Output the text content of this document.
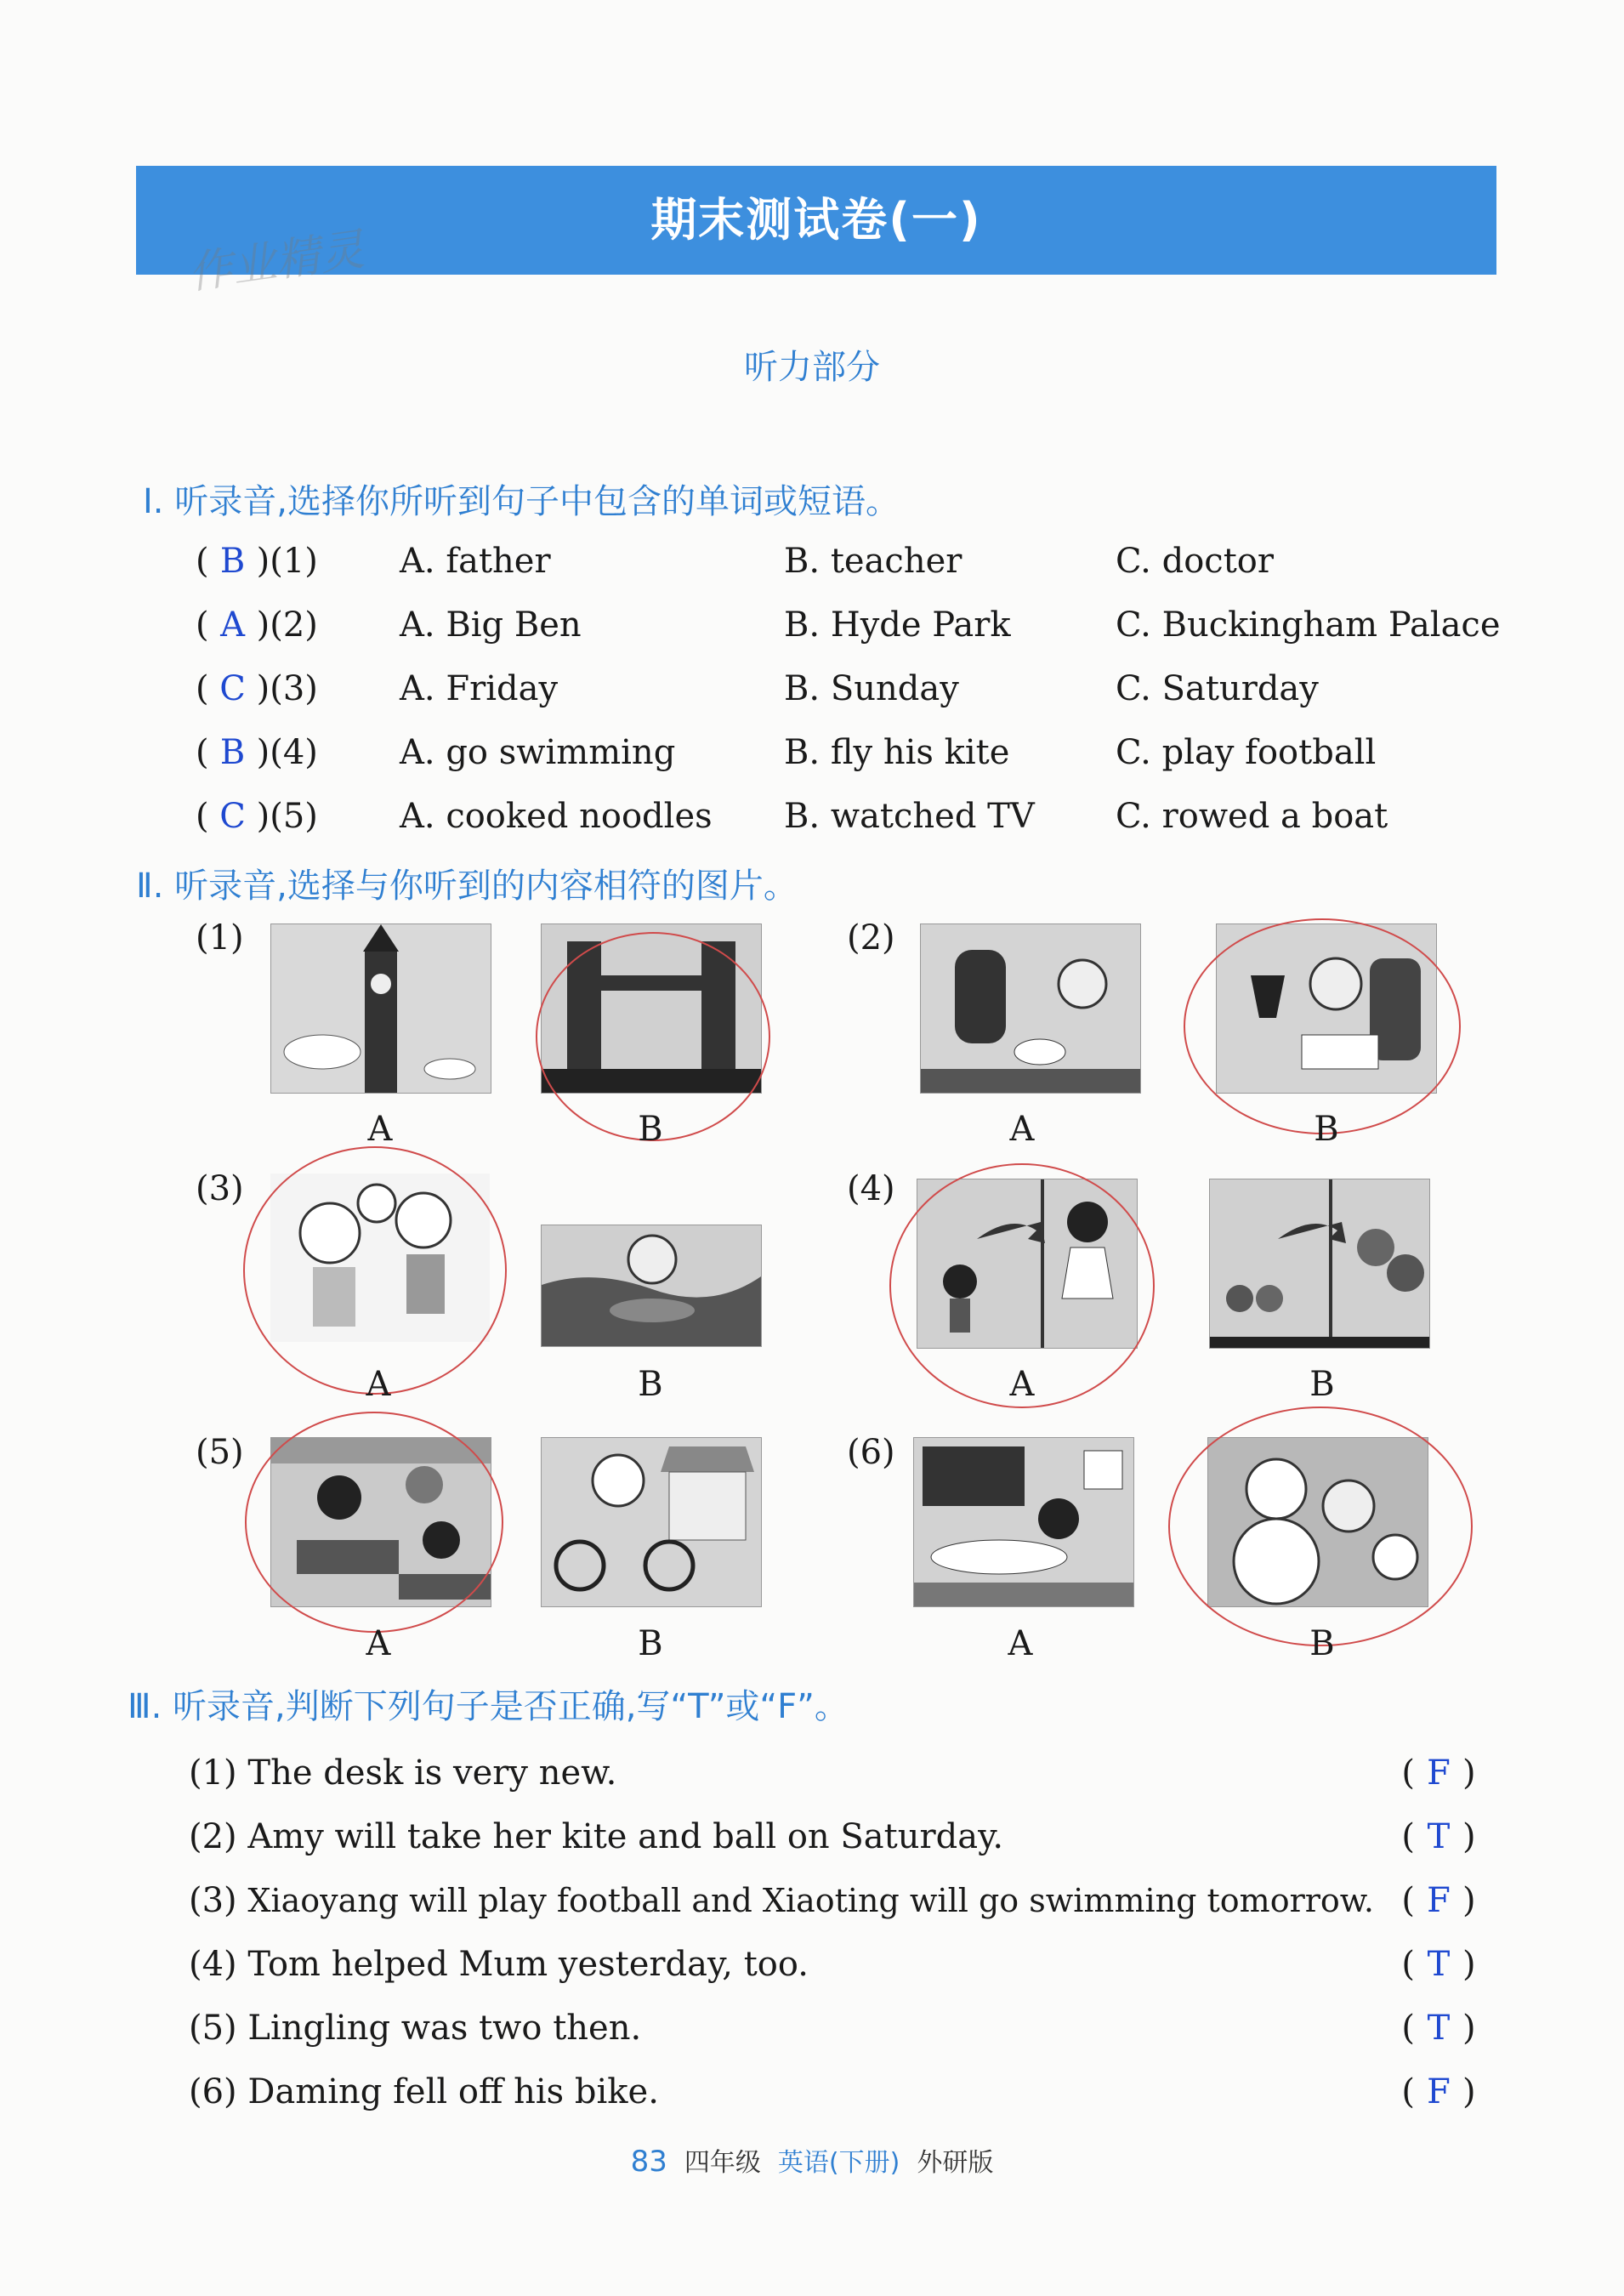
期末测试卷(一)
作业精灵
听力部分
Ⅰ. 听录音,选择你所听到句子中包含的单词或短语。
( B )(1) A. father	B. teacher	C. doctor
( A )(2) A. Big Ben	B. Hyde Park	C. Buckingham Palace
( C )(3) A. Friday	B. Sunday	C. Saturday
( B )(4) A. go swimming	B. fly his kite	C. play football
( C )(5) A. cooked noodles B. watched TV C. rowed a boat
Ⅱ. 听录音,选择与你听到的内容相符的图片。
(1)
A	B
(2)
A	B
(3)
A	B
(4)
A	B
(5)
A	B
(6)
A	B
Ⅲ. 听录音,判断下列句子是否正确,写“T”或“F”。
(1) The desk is very new.	( F )
(2) Amy will take her kite and ball on Saturday.	( T )
(3) Xiaoyang will play football and Xiaoting will go swimming tomorrow. ( F )
(4) Tom helped Mum yesterday, too.	( T )
(5) Lingling was two then.	( T )
(6) Daming fell off his bike.	( F )
83 四年级 英语(下册) 外研版
